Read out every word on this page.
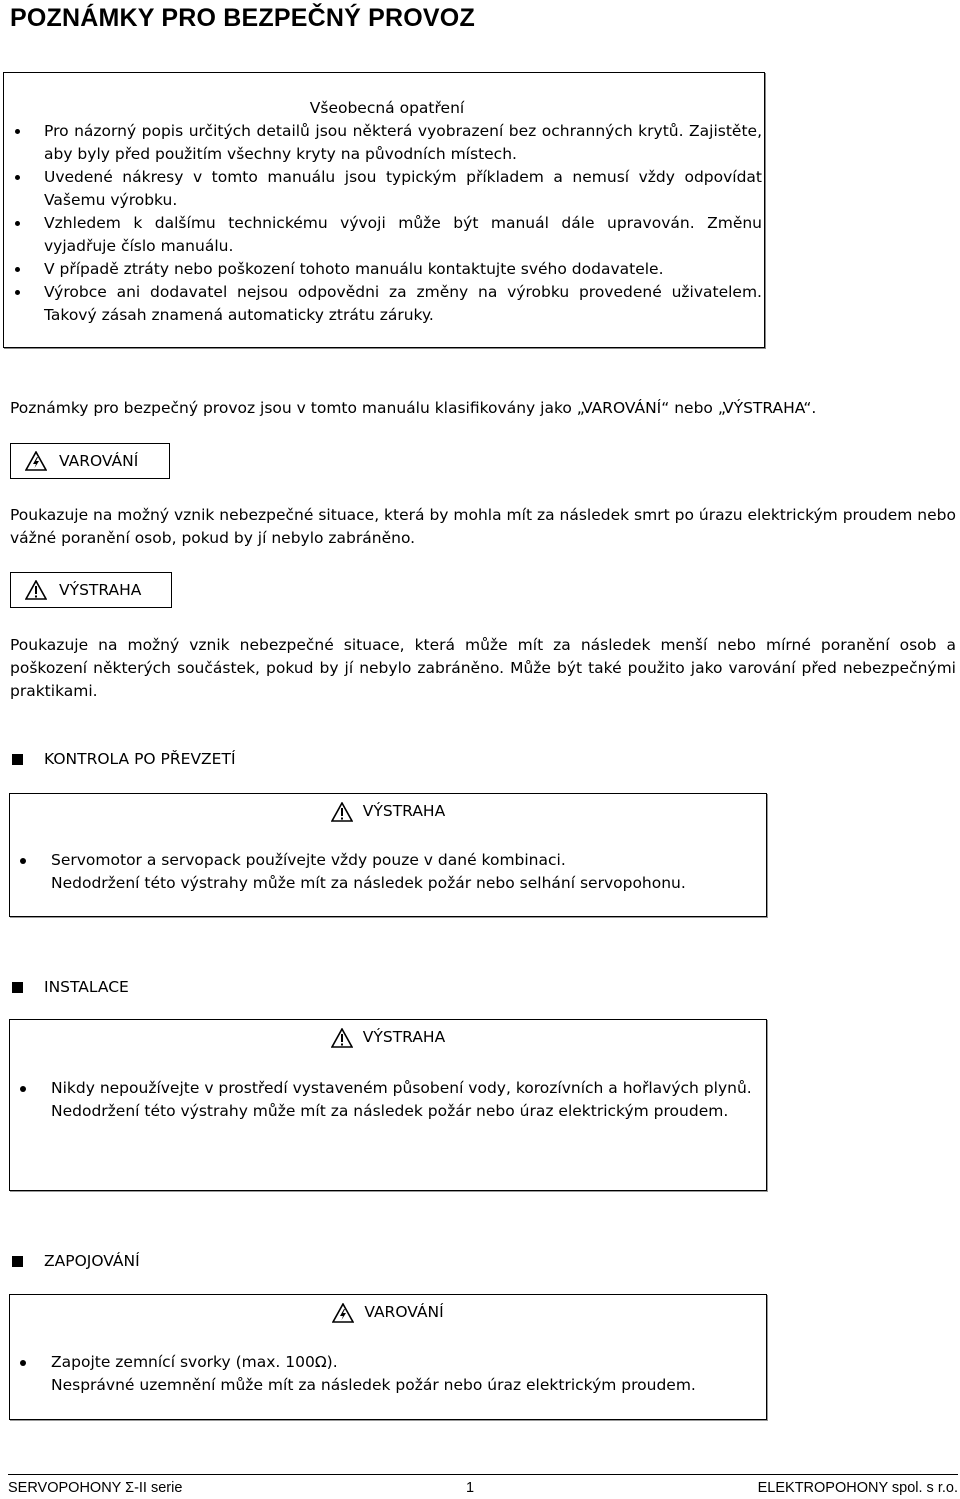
POZNÁMKY PRO BEZPEČNÝ PROVOZ
Všeobecná opatření
Pro názorný popis určitých detailů jsou některá vyobrazení bez ochranných krytů. Zajistěte, aby byly před použitím všechny kryty na původních místech.
Uvedené nákresy v tomto manuálu jsou typickým příkladem a nemusí vždy odpovídat Vašemu výrobku.
Vzhledem k dalšímu technickému vývoji může být manuál dále upravován. Změnu vyjadřuje číslo manuálu.
V případě ztráty nebo poškození tohoto manuálu kontaktujte svého dodavatele.
Výrobce ani dodavatel nejsou odpovědni za změny na výrobku provedené uživatelem. Takový zásah znamená automaticky ztrátu záruky.
Poznámky pro bezpečný provoz jsou v tomto manuálu klasifikovány jako „VAROVÁNÍ“ nebo „VÝSTRAHA“.
VAROVÁNÍ
Poukazuje na možný vznik nebezpečné situace, která by mohla mít za následek smrt po úrazu elektrickým proudem nebo vážné poranění osob, pokud by jí nebylo zabráněno.
VÝSTRAHA
Poukazuje na možný vznik nebezpečné situace, která může mít za následek menší nebo mírné poranění osob a poškození některých součástek, pokud by jí nebylo zabráněno. Může být také použito jako varování před nebezpečnými praktikami.
KONTROLA PO PŘEVZETÍ
VÝSTRAHA

Servomotor a servopack používejte vždy pouze v dané kombinaci.

Nedodržení této výstrahy může mít za následek požár nebo selhání servopohonu.

INSTALACE
VÝSTRAHA

Nikdy nepoužívejte v prostředí vystaveném působení vody, korozívních a hořlavých plynů.

Nedodržení této výstrahy může mít za následek požár nebo úraz elektrickým proudem.

ZAPOJOVÁNÍ
VAROVÁNÍ

Zapojte zemnící svorky (max. 100Ω).

Nesprávné uzemnění může mít za následek požár nebo úraz elektrickým proudem.

SERVOPOHONY Σ-II serie	1	ELEKTROPOHONY spol. s r.o.
